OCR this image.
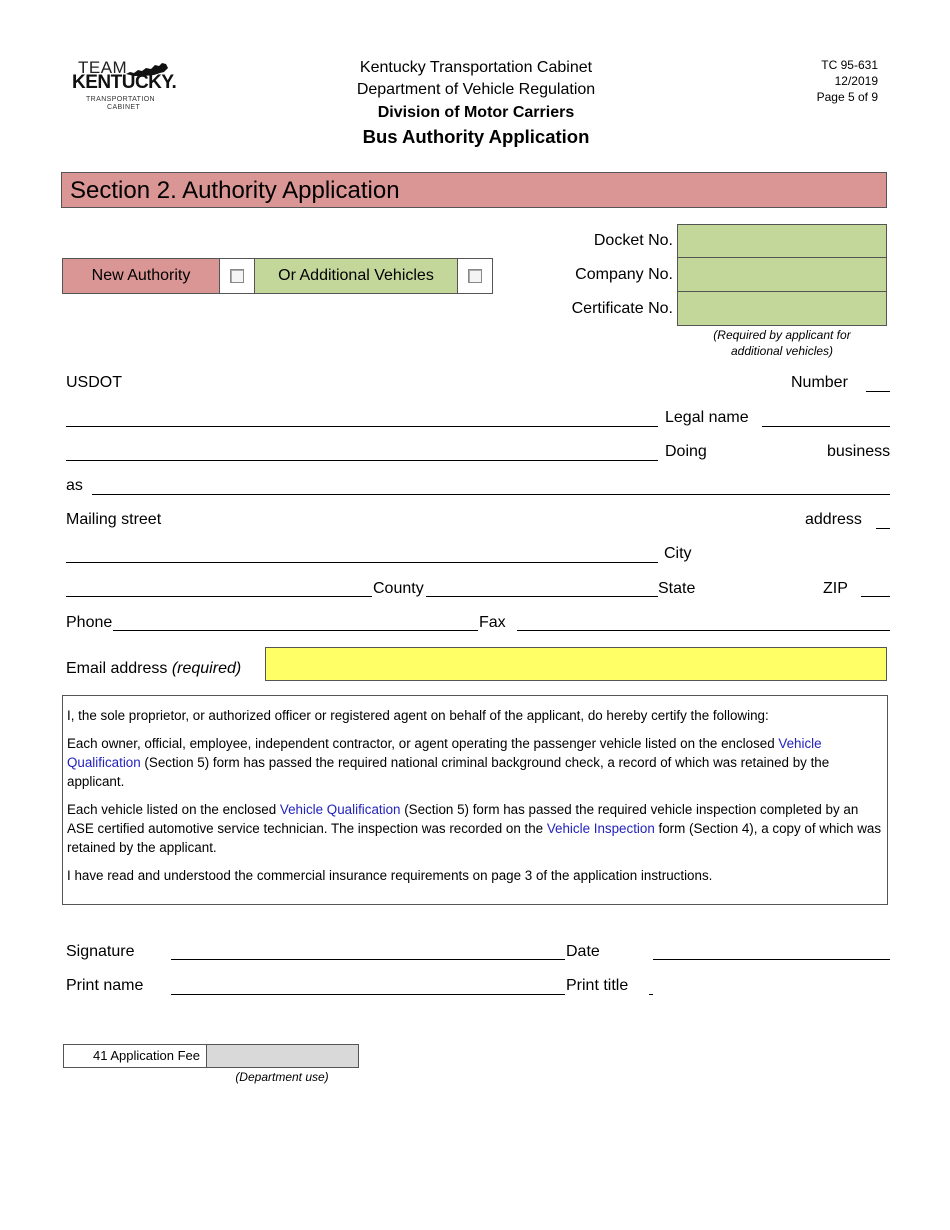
TEAM
KENTUCKY.
TRANSPORTATION
CABINET
Kentucky Transportation Cabinet
Department of Vehicle Regulation
Division of Motor Carriers
Bus Authority Application
TC 95-631
12/2019
Page 5 of 9
Section 2. Authority Application
New Authority	Or Additional Vehicles
Docket No.
Company No.
Certificate No.
(Required by applicant for
additional vehicles)
USDOT	Number
Legal name
Doing	business
as
Mailing street	address
City
County	State	ZIP
Phone	Fax
Email address (required)

I, the sole proprietor, or authorized officer or registered agent on behalf of the applicant, do hereby certify the following:

Each owner, official, employee, independent contractor, or agent operating the passenger vehicle listed on the enclosed Vehicle Qualification (Section 5) form has passed the required national criminal background check, a record of which was retained by the applicant.

Each vehicle listed on the enclosed Vehicle Qualification (Section 5) form has passed the required vehicle inspection completed by an ASE certified automotive service technician. The inspection was recorded on the Vehicle Inspection form (Section 4), a copy of which was retained by the applicant.

I have read and understood the commercial insurance requirements on page 3 of the application instructions.

Signature	Date
Print name	Print title
41 Application Fee
(Department use)
